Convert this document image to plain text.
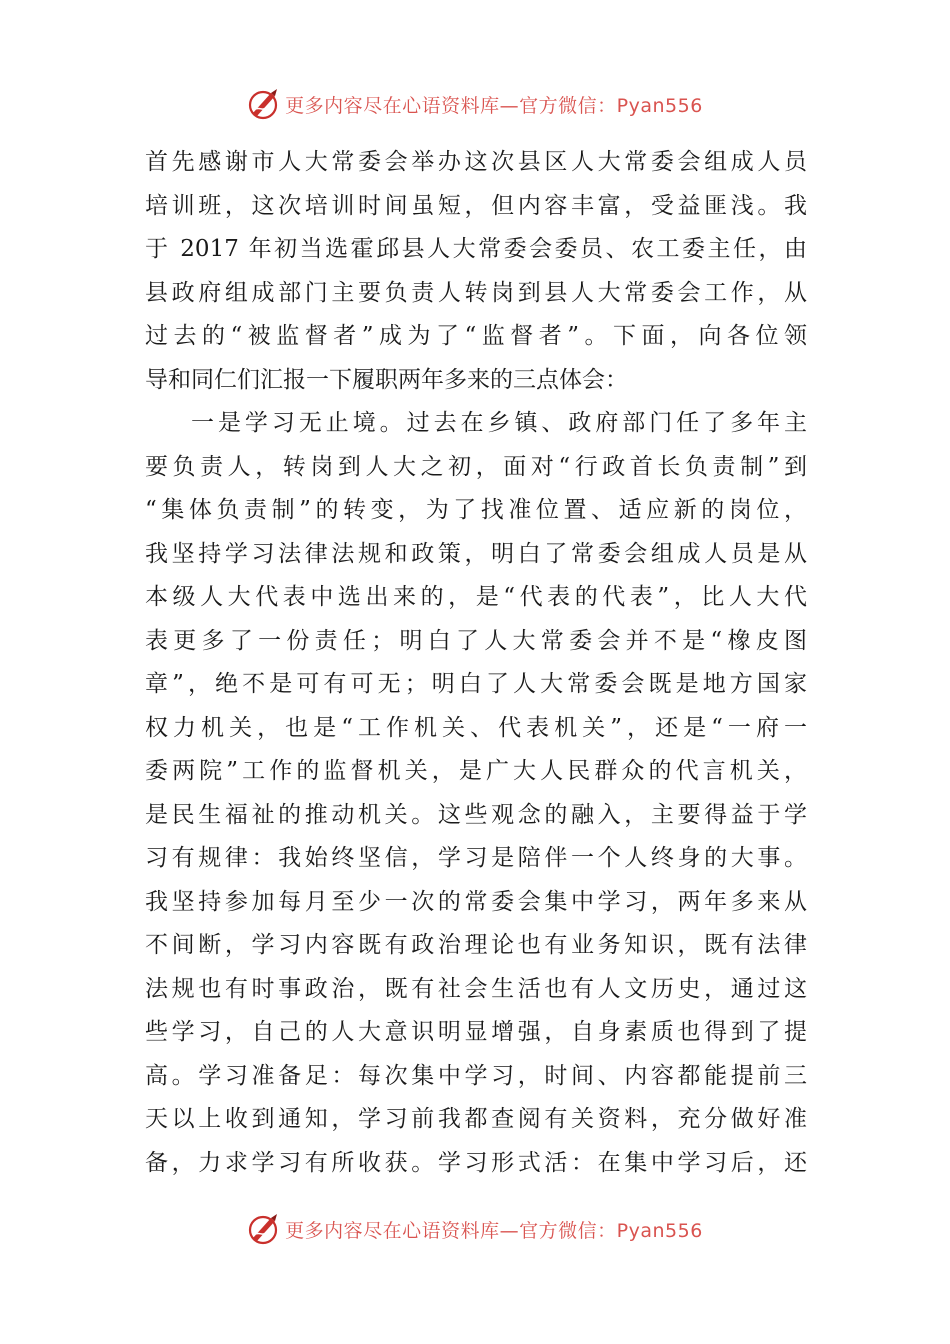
更多内容尽在心语资料库—官方微信：Pyan556
首先感谢市人大常委会举办这次县区人大常委会组成人员
培训班，这次培训时间虽短，但内容丰富，受益匪浅。我
于 2017 年初当选霍邱县人大常委会委员、农工委主任，由
县政府组成部门主要负责人转岗到县人大常委会工作，从
过去的“被监督者”成为了“监督者”。下面，向各位领
导和同仁们汇报一下履职两年多来的三点体会：
一是学习无止境。过去在乡镇、政府部门任了多年主
要负责人，转岗到人大之初，面对“行政首长负责制”到
“集体负责制”的转变，为了找准位置、适应新的岗位，
我坚持学习法律法规和政策，明白了常委会组成人员是从
本级人大代表中选出来的，是“代表的代表”，比人大代
表更多了一份责任；明白了人大常委会并不是“橡皮图
章”，绝不是可有可无；明白了人大常委会既是地方国家
权力机关，也是“工作机关、代表机关”，还是“一府一
委两院”工作的监督机关，是广大人民群众的代言机关，
是民生福祉的推动机关。这些观念的融入，主要得益于学
习有规律：我始终坚信，学习是陪伴一个人终身的大事。
我坚持参加每月至少一次的常委会集中学习，两年多来从
不间断，学习内容既有政治理论也有业务知识，既有法律
法规也有时事政治，既有社会生活也有人文历史，通过这
些学习，自己的人大意识明显增强，自身素质也得到了提
高。学习准备足：每次集中学习，时间、内容都能提前三
天以上收到通知，学习前我都查阅有关资料，充分做好准
备，力求学习有所收获。学习形式活：在集中学习后，还
更多内容尽在心语资料库—官方微信：Pyan556
